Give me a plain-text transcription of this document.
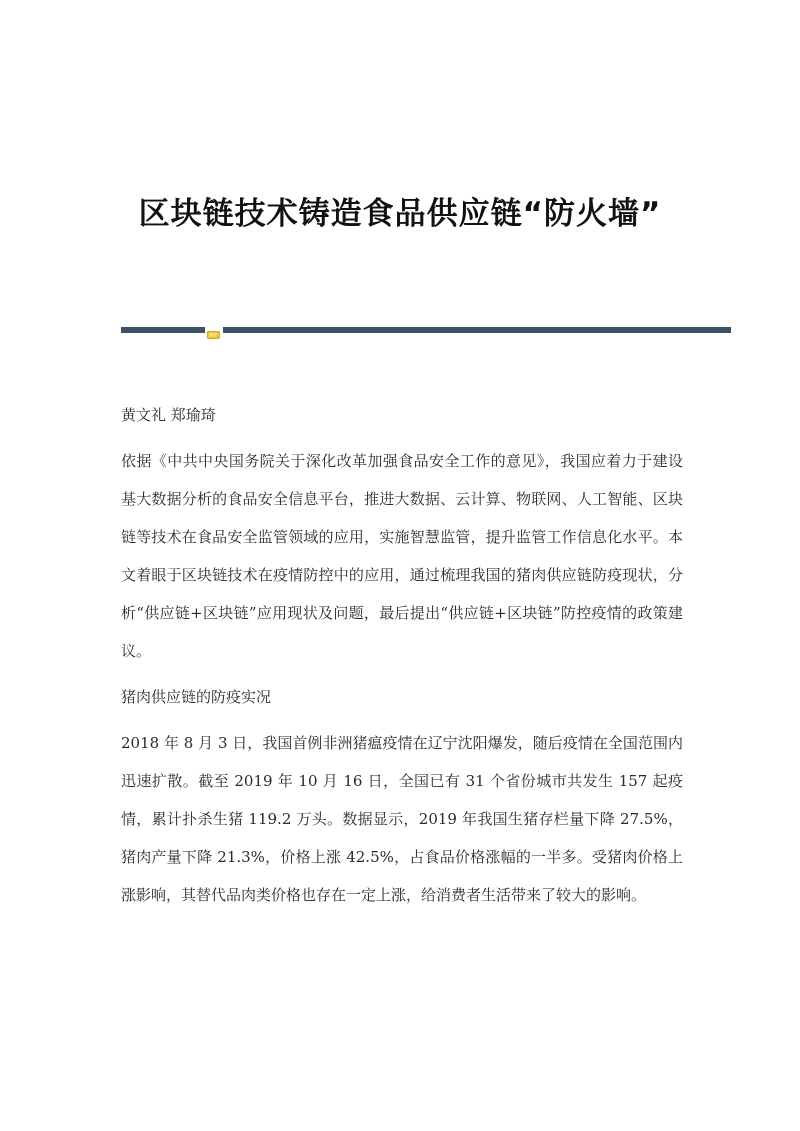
区块链技术铸造食品供应链“防火墙”

黄文礼 郑瑜琦

依据《中共中央国务院关于深化改革加强食品安全工作的意见》，我国应着力于建设基大数据分析的食品安全信息平台，推进大数据、云计算、物联网、人工智能、区块链等技术在食品安全监管领域的应用，实施智慧监管，提升监管工作信息化水平。本文着眼于区块链技术在疫情防控中的应用，通过梳理我国的猪肉供应链防疫现状，分析“供应链+区块链”应用现状及问题，最后提出“供应链+区块链”防控疫情的政策建议。

猪肉供应链的防疫实况

2018 年 8 月 3 日，我国首例非洲猪瘟疫情在辽宁沈阳爆发，随后疫情在全国范围内迅速扩散。截至 2019 年 10 月 16 日，全国已有 31 个省份城市共发生 157 起疫情，累计扑杀生猪 119.2 万头。数据显示，2019 年我国生猪存栏量下降 27.5%，猪肉产量下降 21.3%，价格上涨 42.5%，占食品价格涨幅的一半多。受猪肉价格上涨影响，其替代品肉类价格也存在一定上涨，给消费者生活带来了较大的影响。
